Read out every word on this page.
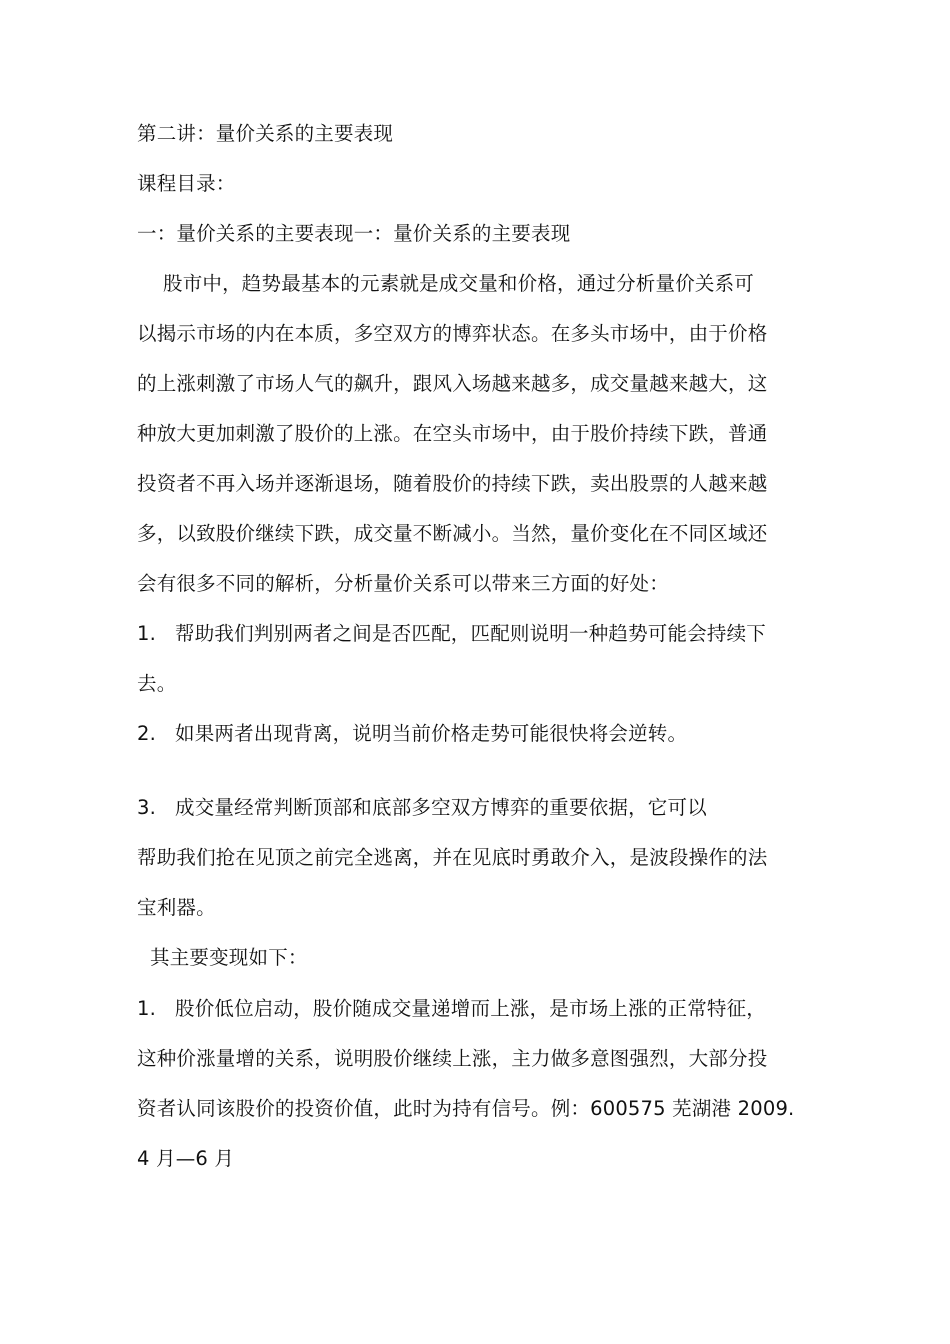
第二讲：量价关系的主要表现
课程目录：
一：量价关系的主要表现一：量价关系的主要表现
股市中，趋势最基本的元素就是成交量和价格，通过分析量价关系可
以揭示市场的内在本质，多空双方的博弈状态。在多头市场中，由于价格
的上涨刺激了市场人气的飙升，跟风入场越来越多，成交量越来越大，这
种放大更加刺激了股价的上涨。在空头市场中，由于股价持续下跌，普通
投资者不再入场并逐渐退场，随着股价的持续下跌，卖出股票的人越来越
多，以致股价继续下跌，成交量不断减小。当然，量价变化在不同区域还
会有很多不同的解析，分析量价关系可以带来三方面的好处：
1. 帮助我们判别两者之间是否匹配，匹配则说明一种趋势可能会持续下
去。
2. 如果两者出现背离，说明当前价格走势可能很快将会逆转。
3. 成交量经常判断顶部和底部多空双方博弈的重要依据，它可以
帮助我们抢在见顶之前完全逃离，并在见底时勇敢介入，是波段操作的法
宝利器。
其主要变现如下：
1. 股价低位启动，股价随成交量递增而上涨，是市场上涨的正常特征，
这种价涨量增的关系，说明股价继续上涨，主力做多意图强烈，大部分投
资者认同该股价的投资价值，此时为持有信号。例：600575 芜湖港 2009.
4 月—6 月
